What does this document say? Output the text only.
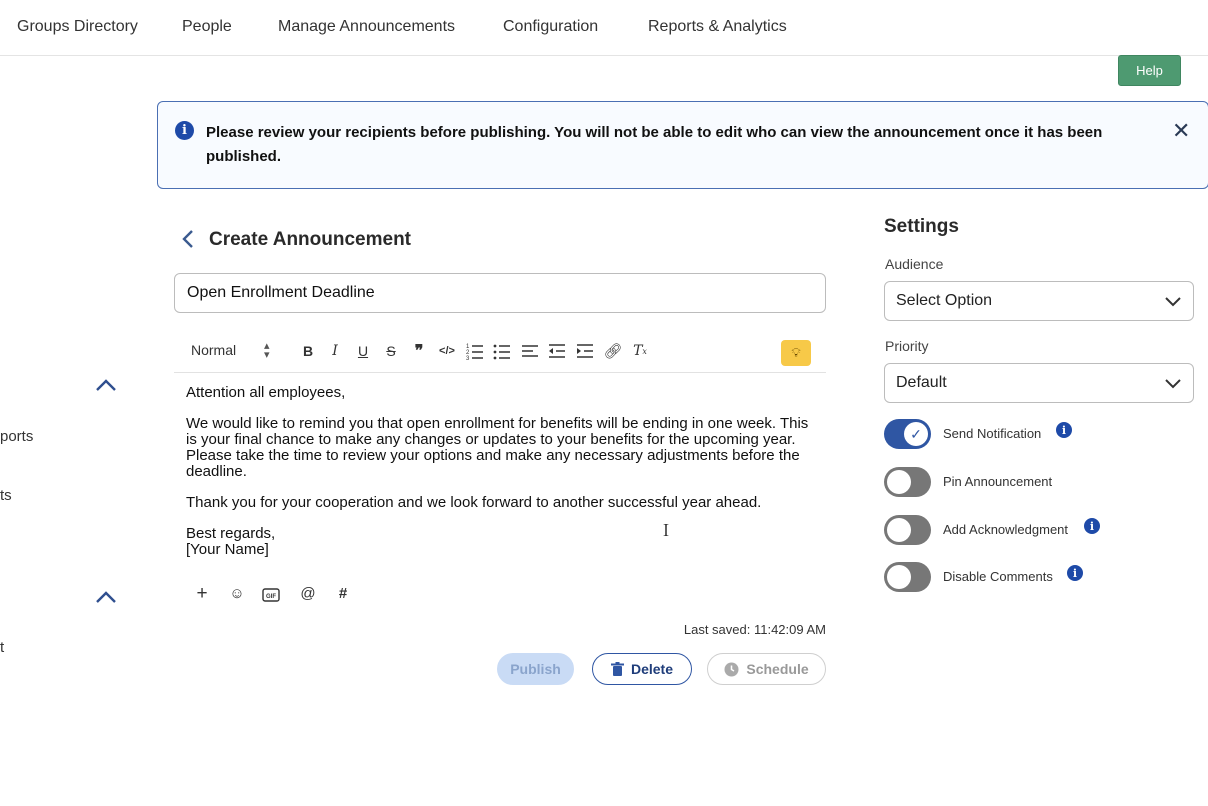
Groups Directory	People	Manage Announcements	Configuration	Reports & Analytics
Help
i	Please review your recipients before publishing. You will not be able to edit who can view the announcement once it has been published.
✕
ports
ts
t
Create Announcement
Open Enrollment Deadline
Normal	▴
▾	B	I	U	S	❞	</>	1
2
3	🔗︎ T x	💡︎

Attention all employees,

We would like to remind you that open enrollment for benefits will be ending in one week. This is your final chance to make any changes or updates to your benefits for the upcoming year. Please take the time to review your options and make any necessary adjustments before the deadline.

Thank you for your cooperation and we look forward to another successful year ahead.

Best regards,
[Your Name]
+ ☺	GIF @	#
Ｉ
Last saved: 11:42:09 AM
Publish	Delete	Schedule
Settings
Audience
Select Option
Priority
Default
✓	Send Notification	i
Pin Announcement
Add Acknowledgment	i
Disable Comments	i
